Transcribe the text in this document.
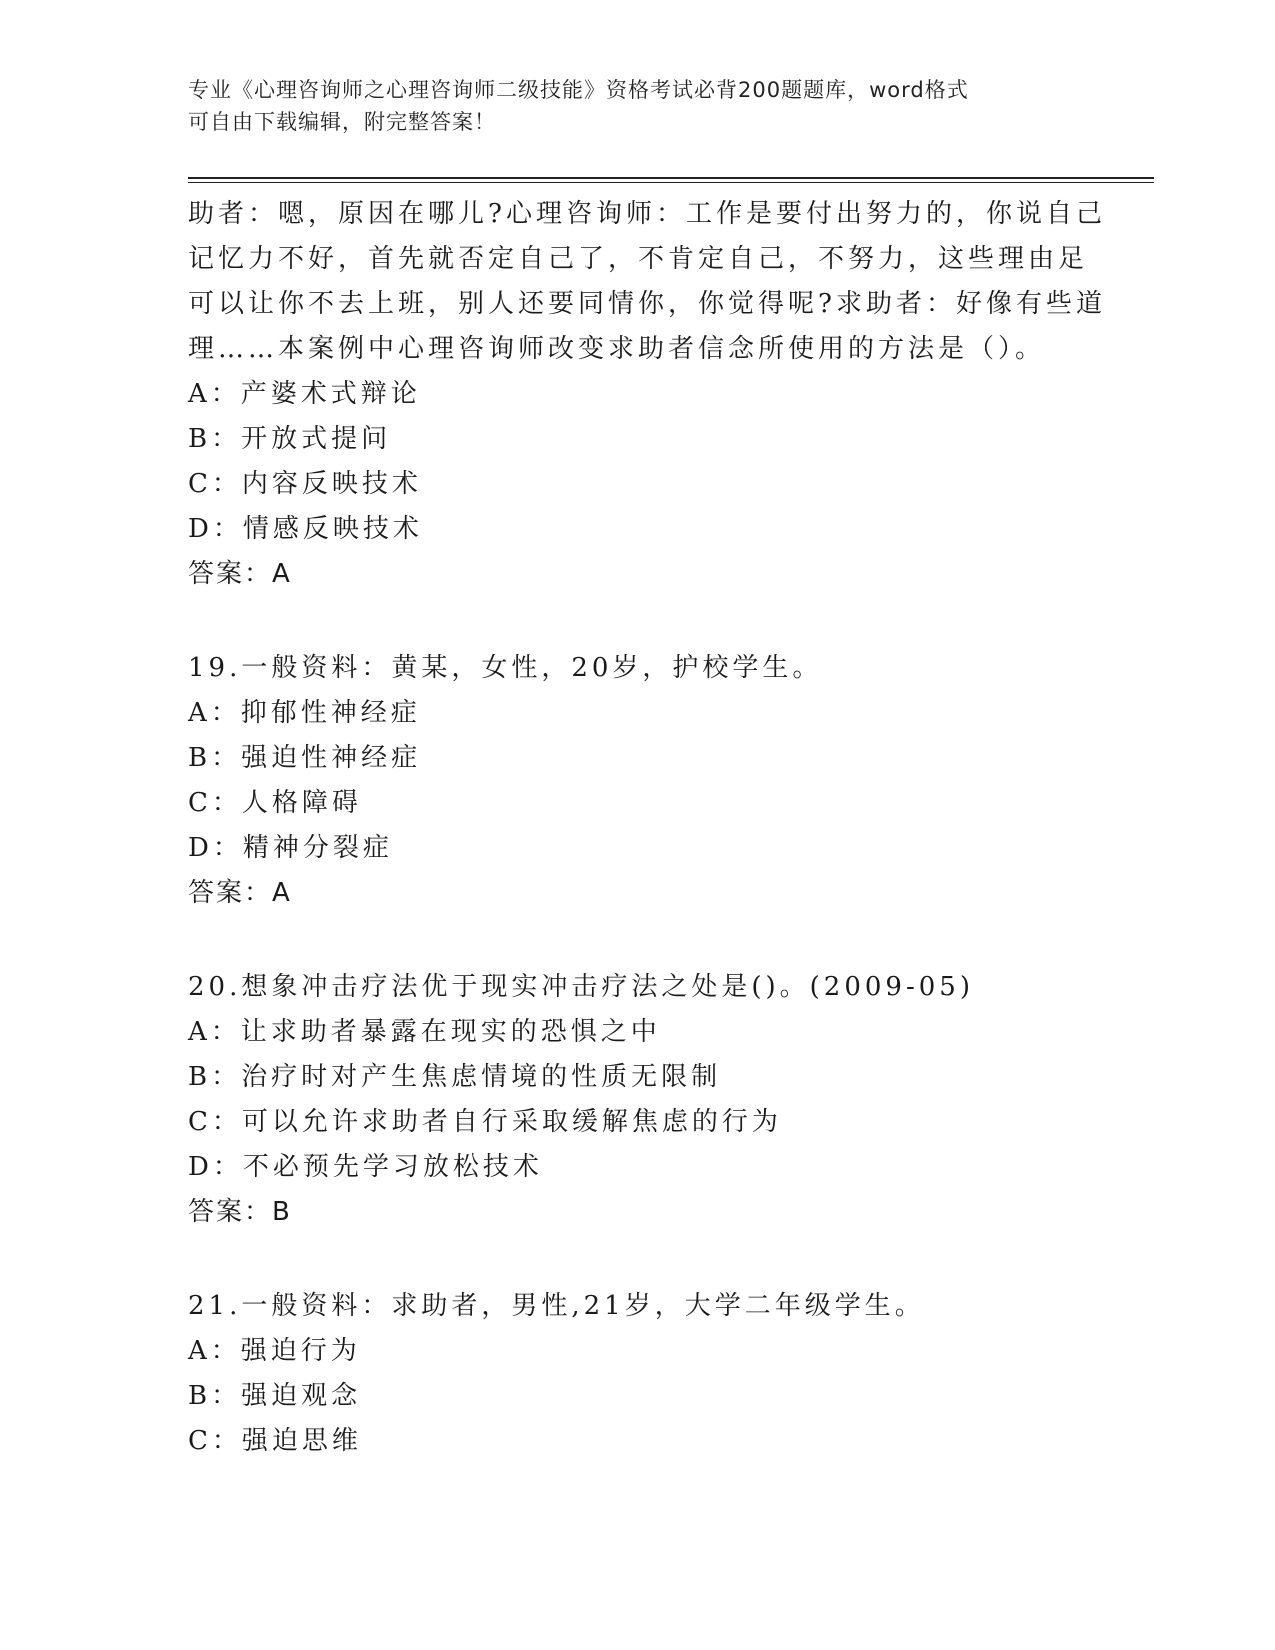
专业《心理咨询师之心理咨询师二级技能》资格考试必背200题题库，word格式
可自由下载编辑，附完整答案！
助者：嗯，原因在哪儿?心理咨询师：工作是要付出努力的，你说自己
记忆力不好，首先就否定自己了，不肯定自己，不努力，这些理由足
可以让你不去上班，别人还要同情你，你觉得呢?求助者：好像有些道
理……本案例中心理咨询师改变求助者信念所使用的方法是（）。
A：产婆术式辩论
B：开放式提问
C：内容反映技术
D：情感反映技术
答案：A
19.一般资料：黄某，女性，20岁，护校学生。
A：抑郁性神经症
B：强迫性神经症
C：人格障碍
D：精神分裂症
答案：A
20.想象冲击疗法优于现实冲击疗法之处是()。(2009-05)
A：让求助者暴露在现实的恐惧之中
B：治疗时对产生焦虑情境的性质无限制
C：可以允许求助者自行采取缓解焦虑的行为
D：不必预先学习放松技术
答案：B
21.一般资料：求助者，男性,21岁，大学二年级学生。
A：强迫行为
B：强迫观念
C：强迫思维
